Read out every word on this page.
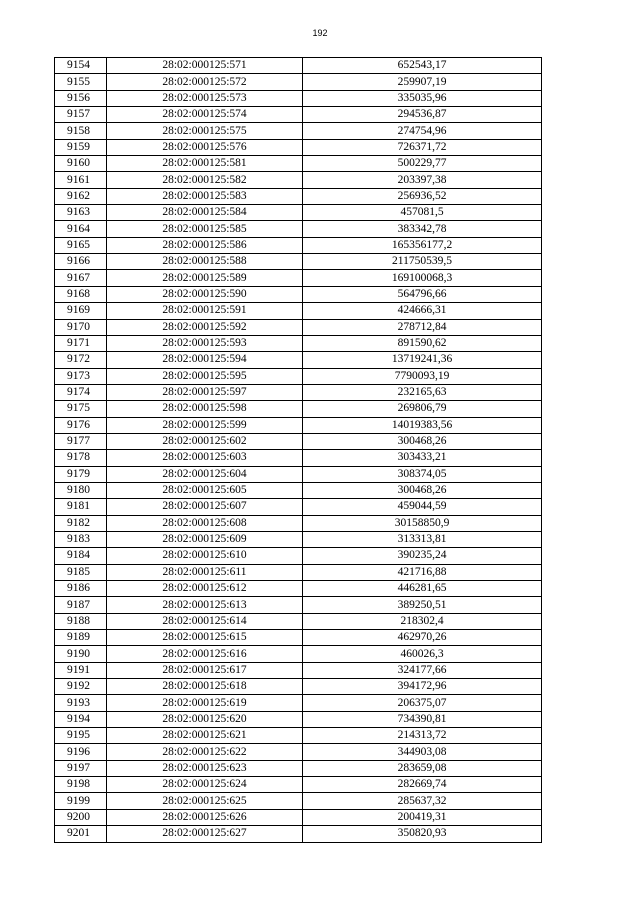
192
9154	28:02:000125:571	652543,17
9155	28:02:000125:572	259907,19
9156	28:02:000125:573	335035,96
9157	28:02:000125:574	294536,87
9158	28:02:000125:575	274754,96
9159	28:02:000125:576	726371,72
9160	28:02:000125:581	500229,77
9161	28:02:000125:582	203397,38
9162	28:02:000125:583	256936,52
9163	28:02:000125:584	457081,5
9164	28:02:000125:585	383342,78
9165	28:02:000125:586	165356177,2
9166	28:02:000125:588	211750539,5
9167	28:02:000125:589	169100068,3
9168	28:02:000125:590	564796,66
9169	28:02:000125:591	424666,31
9170	28:02:000125:592	278712,84
9171	28:02:000125:593	891590,62
9172	28:02:000125:594	13719241,36
9173	28:02:000125:595	7790093,19
9174	28:02:000125:597	232165,63
9175	28:02:000125:598	269806,79
9176	28:02:000125:599	14019383,56
9177	28:02:000125:602	300468,26
9178	28:02:000125:603	303433,21
9179	28:02:000125:604	308374,05
9180	28:02:000125:605	300468,26
9181	28:02:000125:607	459044,59
9182	28:02:000125:608	30158850,9
9183	28:02:000125:609	313313,81
9184	28:02:000125:610	390235,24
9185	28:02:000125:611	421716,88
9186	28:02:000125:612	446281,65
9187	28:02:000125:613	389250,51
9188	28:02:000125:614	218302,4
9189	28:02:000125:615	462970,26
9190	28:02:000125:616	460026,3
9191	28:02:000125:617	324177,66
9192	28:02:000125:618	394172,96
9193	28:02:000125:619	206375,07
9194	28:02:000125:620	734390,81
9195	28:02:000125:621	214313,72
9196	28:02:000125:622	344903,08
9197	28:02:000125:623	283659,08
9198	28:02:000125:624	282669,74
9199	28:02:000125:625	285637,32
9200	28:02:000125:626	200419,31
9201	28:02:000125:627	350820,93
